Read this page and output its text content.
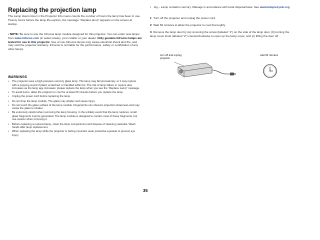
Replacing the projection lamp
The Lamp Hours timer in the Projector Info menu counts the number of hours the lamp has been in use. Twenty hours before the lamp life expires, the message “Replace lamp” appears on the screen at startup.
• NOTE: Be sure to use the InFocus lamp module designed for this projector. You can order new lamps from www.infocus.com (in select areas), your retailer or your dealer. Only genuine InFocus lamps are tested for use in this projector. Use of non-InFocus lamps may cause electrical shock and fire, and may void the projector warranty. InFocus is not liable for the performance, safety or certification of any other lamps.
WARNINGS
• The projector uses a high-pressure mercury glass lamp. The lamp may fail prematurely, or it may rupture with a popping sound if jolted, scratched, or handled while hot. The risk of lamp failure or rupture also increases as the lamp age increases; please replace the lamp when you see the “Replace Lamp” message.
• To avoid burns, allow the projector to cool for at least 60 minutes before you replace the lamp.
• Unplug the power cord before replacing the lamp.
• Do not drop the lamp module. The glass may shatter and cause injury.
• Do not touch the glass surface of the lamp module. Fingerprints can obscure projection sharpness and may cause the glass to shatter.
• Be extremely careful when removing the lamp housing. In the unlikely event that the lamp ruptures, small glass fragments may be generated. The lamp module is designed to contain most of these fragments, but use caution when removing it.
• Before replacing a ruptured lamp, clean the lamp compartment and dispose of cleaning materials. Wash hands after lamp replacement.
• When replacing the lamp while the projector is ceiling-mounted, wear protective eyewear to prevent eye injury.
• Hg – Lamp contains mercury. Manage in accordance with local disposal laws. See www.lamprecycle.org
1 Turn off the projector and unplug the power cord.
2 Wait 60 minutes to allow the projector to cool thoroughly.
3 Remove the lamp door by (a) removing the screw (labeled “1”) on the side of the lamp door, (b) turning the lamp cover knob (labeled “2”) counterclockwise to open up the lamp cover, and (c) lifting the door off.
turn off and unplug projector
wait 60 minutes
35
